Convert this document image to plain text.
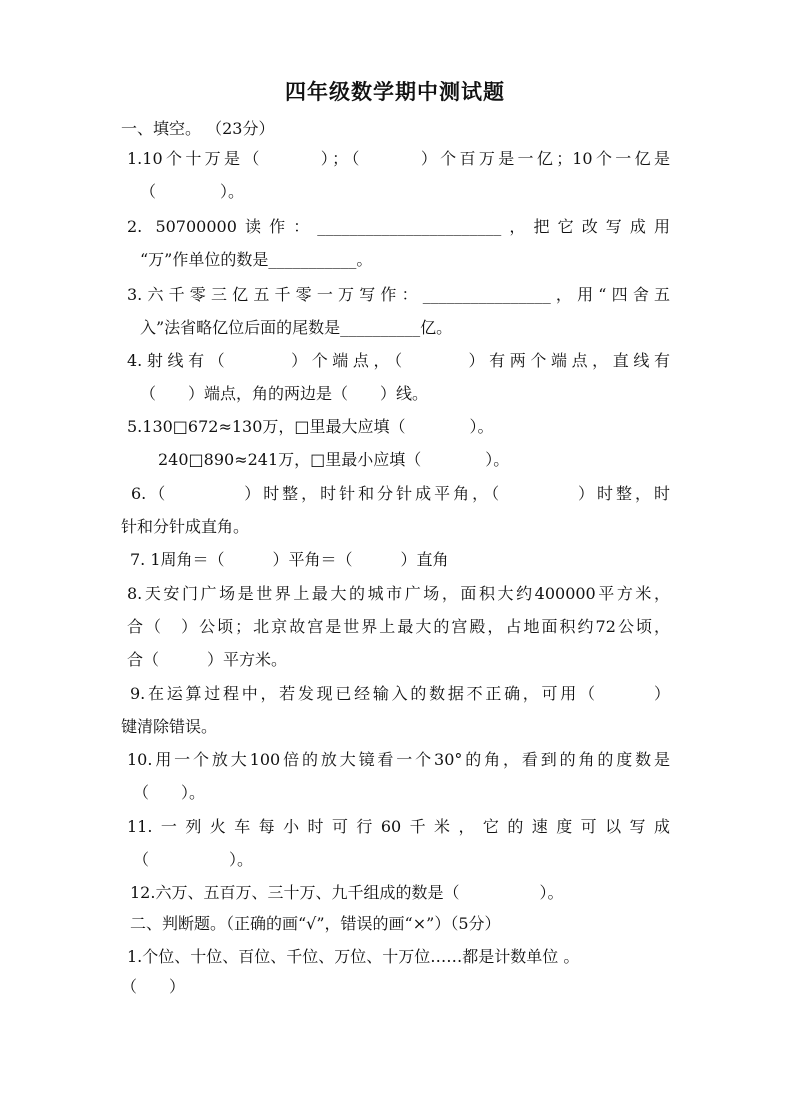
四年级数学期中测试题
一、填空。 （23分）
1.10个十万是（　　　）；（　　　）个百万是一亿；10个一亿是
（　　　　）。
2. 50700000读作：_______________________，把它改写成用
“万”作单位的数是___________。
3.六千零三亿五千零一万写作：________________，用“四舍五
入”法省略亿位后面的尾数是__________亿。
4.射线有（　　　）个端点，（　　　）有两个端点，直线有
（　　）端点，角的两边是（　　）线。
5.130□672≈130万，□里最大应填（　　　　）。
240□890≈241万，□里最小应填（　　　　）。
6.（　　　　）时整，时针和分针成平角，（　　　　）时整，时
针和分针成直角。
7. 1周角＝（　　　）平角＝（　　　）直角
8.天安门广场是世界上最大的城市广场，面积大约400000平方米，
合（　）公顷；北京故宫是世界上最大的宫殿，占地面积约72公顷，
合（　　　）平方米。
9.在运算过程中，若发现已经输入的数据不正确，可用（　　　）
键清除错误。
10.用一个放大100倍的放大镜看一个30°的角，看到的角的度数是
（　　）。
11.一列火车每小时可行60千米，它的速度可以写成
（　　　　　）。
12.六万、五百万、三十万、九千组成的数是（　　　　　）。
二、判断题。（正确的画“√”，错误的画“×”）（5分）
1.个位、十位、百位、千位、万位、十万位……都是计数单位 。
（　　）
